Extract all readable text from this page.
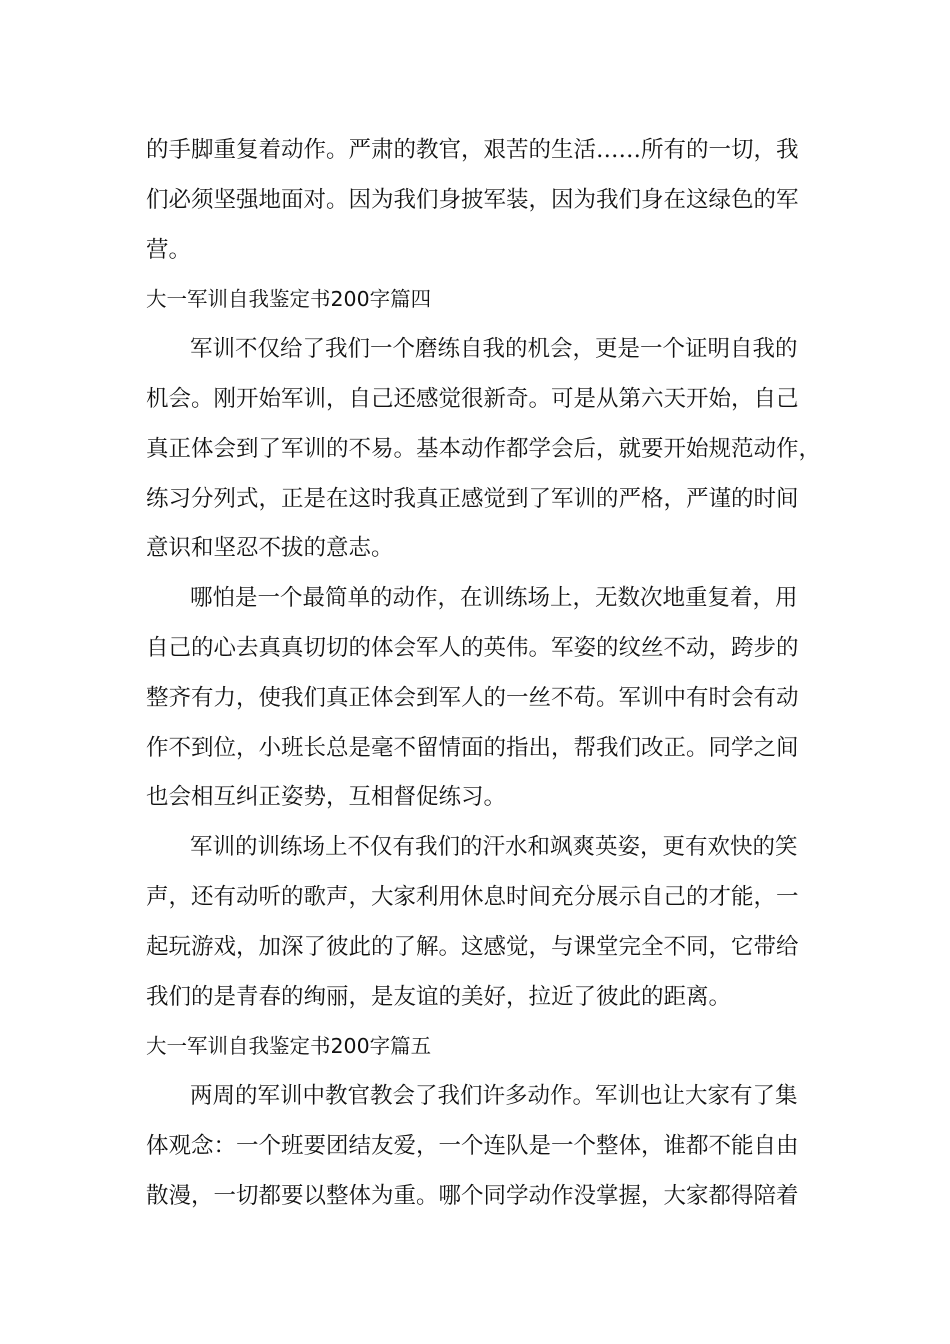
的手脚重复着动作。严肃的教官，艰苦的生活……所有的一切，我
们必须坚强地面对。因为我们身披军装，因为我们身在这绿色的军
营。

大一军训自我鉴定书200字篇四

军训不仅给了我们一个磨练自我的机会，更是一个证明自我的
机会。刚开始军训，自己还感觉很新奇。可是从第六天开始，自己
真正体会到了军训的不易。基本动作都学会后，就要开始规范动作，
练习分列式，正是在这时我真正感觉到了军训的严格，严谨的时间
意识和坚忍不拔的意志。

哪怕是一个最简单的动作，在训练场上，无数次地重复着，用
自己的心去真真切切的体会军人的英伟。军姿的纹丝不动，跨步的
整齐有力，使我们真正体会到军人的一丝不苟。军训中有时会有动
作不到位，小班长总是毫不留情面的指出，帮我们改正。同学之间
也会相互纠正姿势，互相督促练习。

军训的训练场上不仅有我们的汗水和飒爽英姿，更有欢快的笑
声，还有动听的歌声，大家利用休息时间充分展示自己的才能，一
起玩游戏，加深了彼此的了解。这感觉，与课堂完全不同，它带给
我们的是青春的绚丽，是友谊的美好，拉近了彼此的距离。

大一军训自我鉴定书200字篇五

两周的军训中教官教会了我们许多动作。军训也让大家有了集
体观念：一个班要团结友爱，一个连队是一个整体，谁都不能自由
散漫，一切都要以整体为重。哪个同学动作没掌握，大家都得陪着
